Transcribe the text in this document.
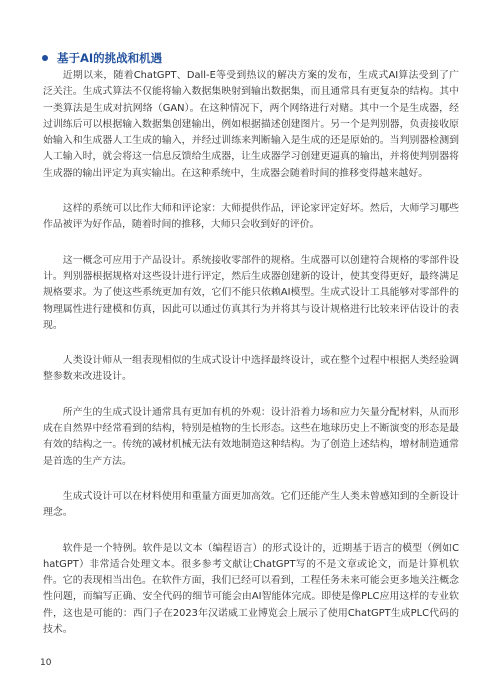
基于AI的挑战和机遇

近期以来，随着ChatGPT、Dall-E等受到热议的解决方案的发布，生成式AI算法受到了广泛关注。生成式算法不仅能将输入数据集映射到输出数据集，而且通常具有更复杂的结构。其中一类算法是生成对抗网络（GAN）。在这种情况下，两个网络进行对赌。其中一个是生成器，经过训练后可以根据输入数据集创建输出，例如根据描述创建图片。另一个是判别器，负责接收原始输入和生成器人工生成的输入，并经过训练来判断输入是生成的还是原始的。当判别器检测到人工输入时，就会将这一信息反馈给生成器，让生成器学习创建更逼真的输出，并将使判别器将生成器的输出评定为真实输出。在这种系统中，生成器会随着时间的推移变得越来越好。

这样的系统可以比作大师和评论家：大师提供作品，评论家评定好坏。然后，大师学习哪些作品被评为好作品，随着时间的推移，大师只会收到好的评价。

这一概念可应用于产品设计。系统接收零部件的规格。生成器可以创建符合规格的零部件设计。判别器根据规格对这些设计进行评定，然后生成器创建新的设计，使其变得更好，最终满足规格要求。为了使这些系统更加有效，它们不能只依赖AI模型。生成式设计工具能够对零部件的物理属性进行建模和仿真，因此可以通过仿真其行为并将其与设计规格进行比较来评估设计的表现。

人类设计师从一组表现相似的生成式设计中选择最终设计，或在整个过程中根据人类经验调整参数来改进设计。

所产生的生成式设计通常具有更加有机的外观：设计沿着力场和应力矢量分配材料，从而形成在自然界中经常看到的结构，特别是植物的生长形态。这些在地球历史上不断演变的形态是最有效的结构之一。传统的减材机械无法有效地制造这种结构。为了创造上述结构，增材制造通常是首选的生产方法。

生成式设计可以在材料使用和重量方面更加高效。它们还能产生人类未曾感知到的全新设计理念。

软件是一个特例。软件是以文本（编程语言）的形式设计的，近期基于语言的模型（例如ChatGPT）非常适合处理文本。很多参考文献让ChatGPT写的不是文章或论文，而是计算机软件。它的表现相当出色。在软件方面，我们已经可以看到，工程任务未来可能会更多地关注概念性问题，而编写正确、安全代码的细节可能会由AI智能体完成。即使是像PLC应用这样的专业软件，这也是可能的：西门子在2023年汉诺威工业博览会上展示了使用ChatGPT生成PLC代码的技术。

10
